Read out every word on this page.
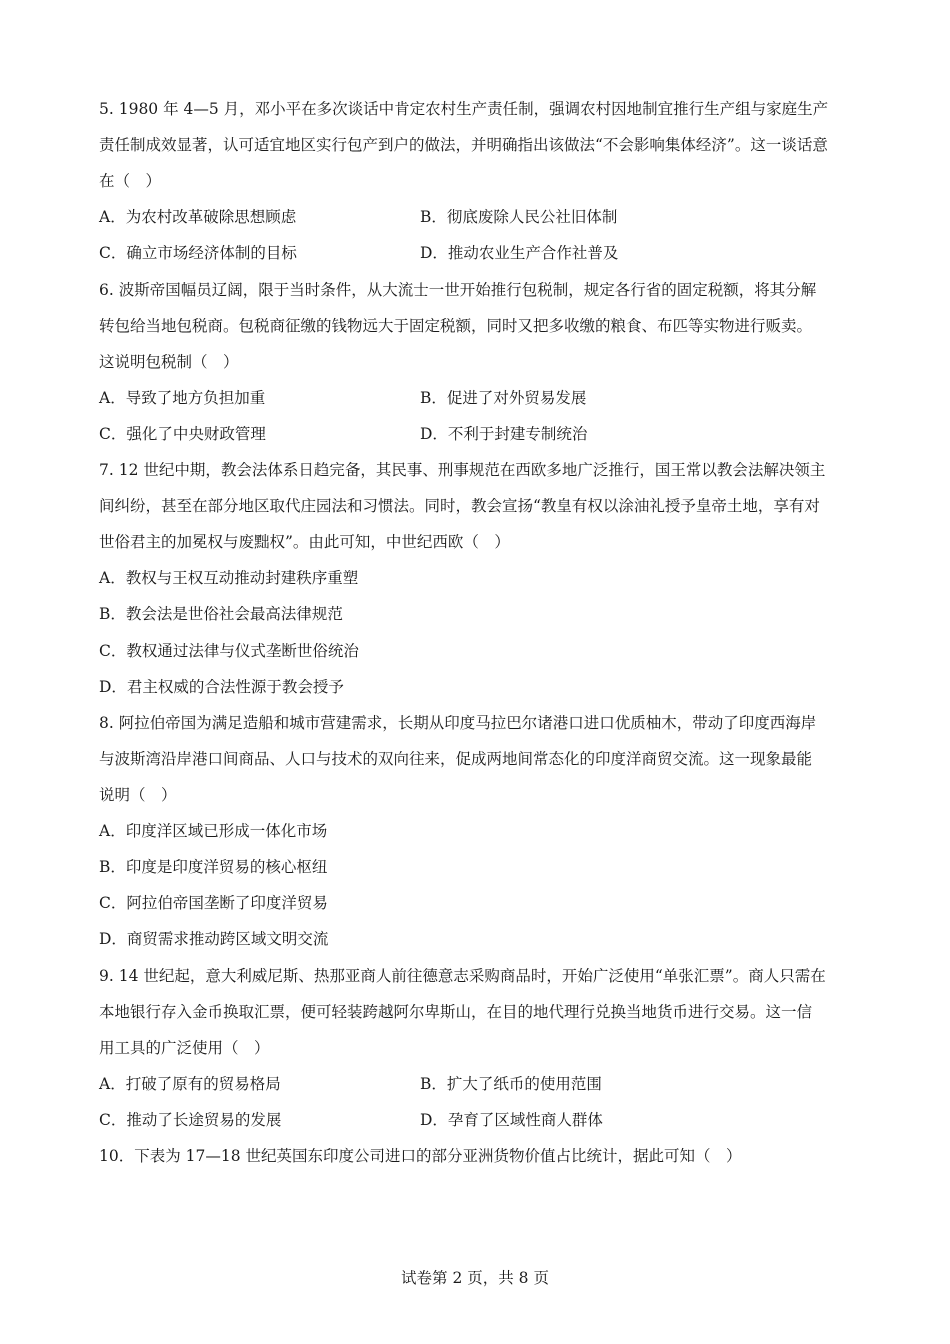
5. 1980 年 4—5 月，邓小平在多次谈话中肯定农村生产责任制，强调农村因地制宜推行生产组与家庭生产
责任制成效显著，认可适宜地区实行包产到户的做法，并明确指出该做法“不会影响集体经济”。这一谈话意
在（　）
A．为农村改革破除思想顾虑	B．彻底废除人民公社旧体制
C．确立市场经济体制的目标	D．推动农业生产合作社普及
6. 波斯帝国幅员辽阔，限于当时条件，从大流士一世开始推行包税制，规定各行省的固定税额，将其分解
转包给当地包税商。包税商征缴的钱物远大于固定税额，同时又把多收缴的粮食、布匹等实物进行贩卖。
这说明包税制（　）
A．导致了地方负担加重	B．促进了对外贸易发展
C．强化了中央财政管理	D．不利于封建专制统治
7. 12 世纪中期，教会法体系日趋完备，其民事、刑事规范在西欧多地广泛推行，国王常以教会法解决领主
间纠纷，甚至在部分地区取代庄园法和习惯法。同时，教会宣扬“教皇有权以涂油礼授予皇帝土地，享有对
世俗君主的加冕权与废黜权”。由此可知，中世纪西欧（　）
A．教权与王权互动推动封建秩序重塑
B．教会法是世俗社会最高法律规范
C．教权通过法律与仪式垄断世俗统治
D．君主权威的合法性源于教会授予
8. 阿拉伯帝国为满足造船和城市营建需求，长期从印度马拉巴尔诸港口进口优质柚木，带动了印度西海岸
与波斯湾沿岸港口间商品、人口与技术的双向往来，促成两地间常态化的印度洋商贸交流。这一现象最能
说明（　）
A．印度洋区域已形成一体化市场
B．印度是印度洋贸易的核心枢纽
C．阿拉伯帝国垄断了印度洋贸易
D．商贸需求推动跨区域文明交流
9. 14 世纪起，意大利威尼斯、热那亚商人前往德意志采购商品时，开始广泛使用“单张汇票”。商人只需在
本地银行存入金币换取汇票，便可轻装跨越阿尔卑斯山，在目的地代理行兑换当地货币进行交易。这一信
用工具的广泛使用（　）
A．打破了原有的贸易格局	B．扩大了纸币的使用范围
C．推动了长途贸易的发展	D．孕育了区域性商人群体
10．下表为 17—18 世纪英国东印度公司进口的部分亚洲货物价值占比统计，据此可知（　）
试卷第 2 页，共 8 页
